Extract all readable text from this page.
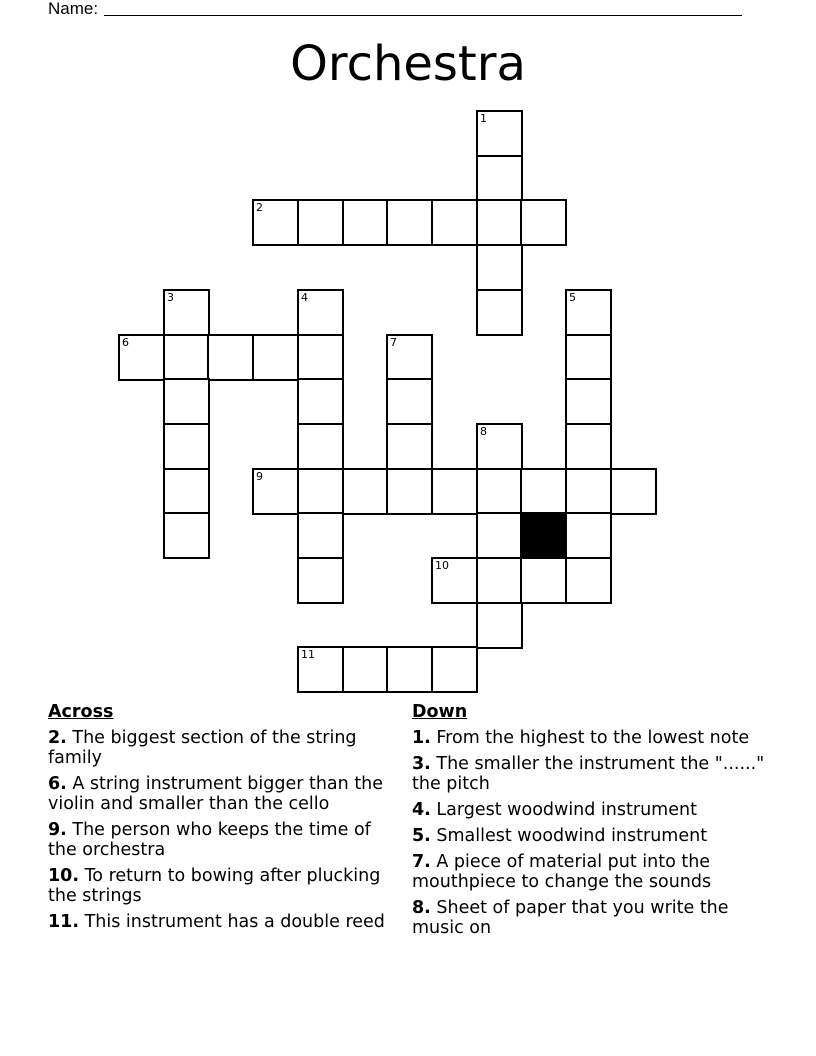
Name:
Orchestra
1
2
3	4	5
6	7
8
9
10
11
Across
2. The biggest section of the string family
6. A string instrument bigger than the violin and smaller than the cello
9. The person who keeps the time of the orchestra
10. To return to bowing after plucking the strings
11. This instrument has a double reed
Down
1. From the highest to the lowest note
3. The smaller the instrument the "......" the pitch
4. Largest woodwind instrument
5. Smallest woodwind instrument
7. A piece of material put into the mouthpiece to change the sounds
8. Sheet of paper that you write the music on
